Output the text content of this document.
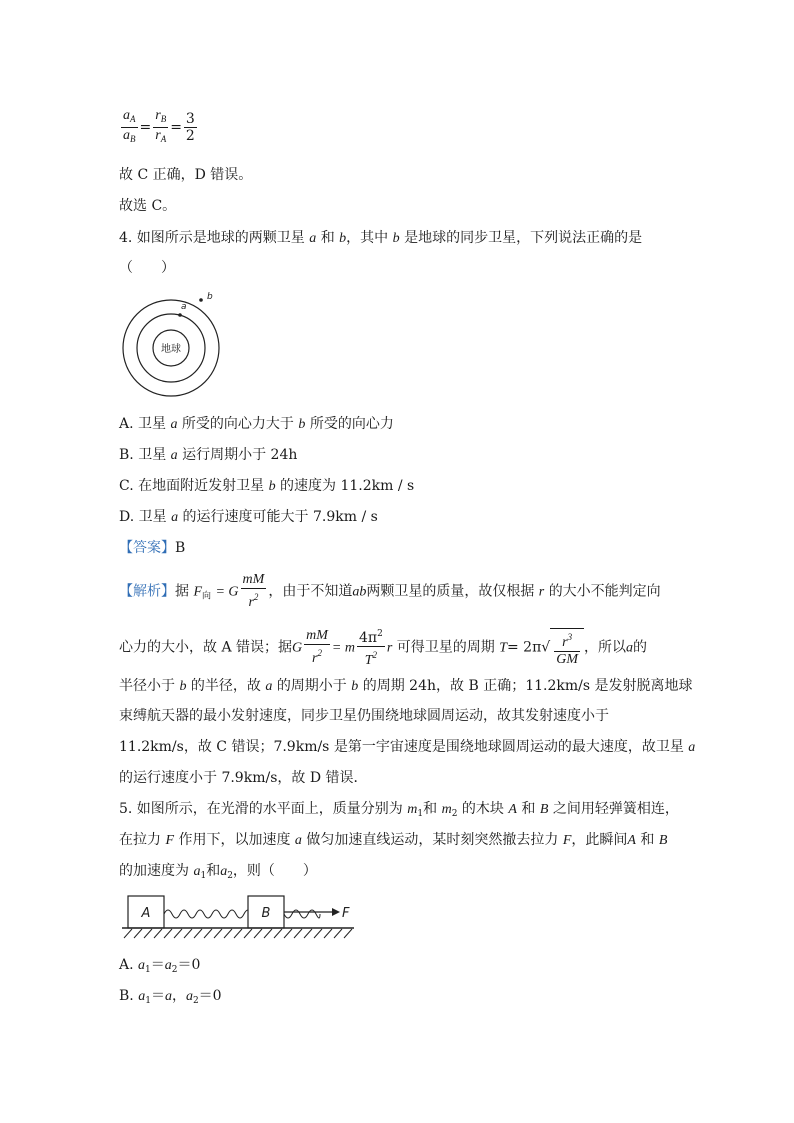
$\frac{a_A}{a_B} = \frac{r_B}{r_A} = \frac{3}{2}$
故 C 正确，D 错误。
故选 C。
4. 如图所示是地球的两颗卫星 a 和 b，其中 b 是地球的同步卫星，下列说法正确的是
（　　）
地球
a
b
A. 卫星 a 所受的向心力大于 b 所受的向心力
B. 卫星 a 运行周期小于 24h
C. 在地面附近发射卫星 b 的速度为 11.2km / s
D. 卫星 a 的运行速度可能大于 7.9km / s
【答案】B
【解析】据 $F_向 = G \frac{mM}{r^2}$ ，由于不知道ab两颗卫星的质量，故仅根据 r 的大小不能判定向
心力的大小，故 A 错误；据G $\frac{mM}{r^2} = m \frac{4\pi^2}{T^2}$ r 可得卫星的周期 $T= 2\pi√ \frac{r^3}{GM}$ ，所以a的
半径小于 b 的半径，故 a 的周期小于 b 的周期 24h，故 B 正确；11.2km/s 是发射脱离地球
束缚航天器的最小发射速度，同步卫星仍围绕地球圆周运动，故其发射速度小于
11.2km/s，故 C 错误；7.9km/s 是第一宇宙速度是围绕地球圆周运动的最大速度，故卫星 a
的运行速度小于 7.9km/s，故 D 错误．
5. 如图所示，在光滑的水平面上，质量分别为 $m_1$和 $m_2$ 的木块 A 和 B 之间用轻弹簧相连，
在拉力 F 作用下，以加速度 a 做匀加速直线运动，某时刻突然撤去拉力 F，此瞬间A 和 B
的加速度为 $a_1$和$a_2$，则（　　）
A	B	F
A. $a_1=a_2=0$
B. $a_1=a$，$a_2=0$
